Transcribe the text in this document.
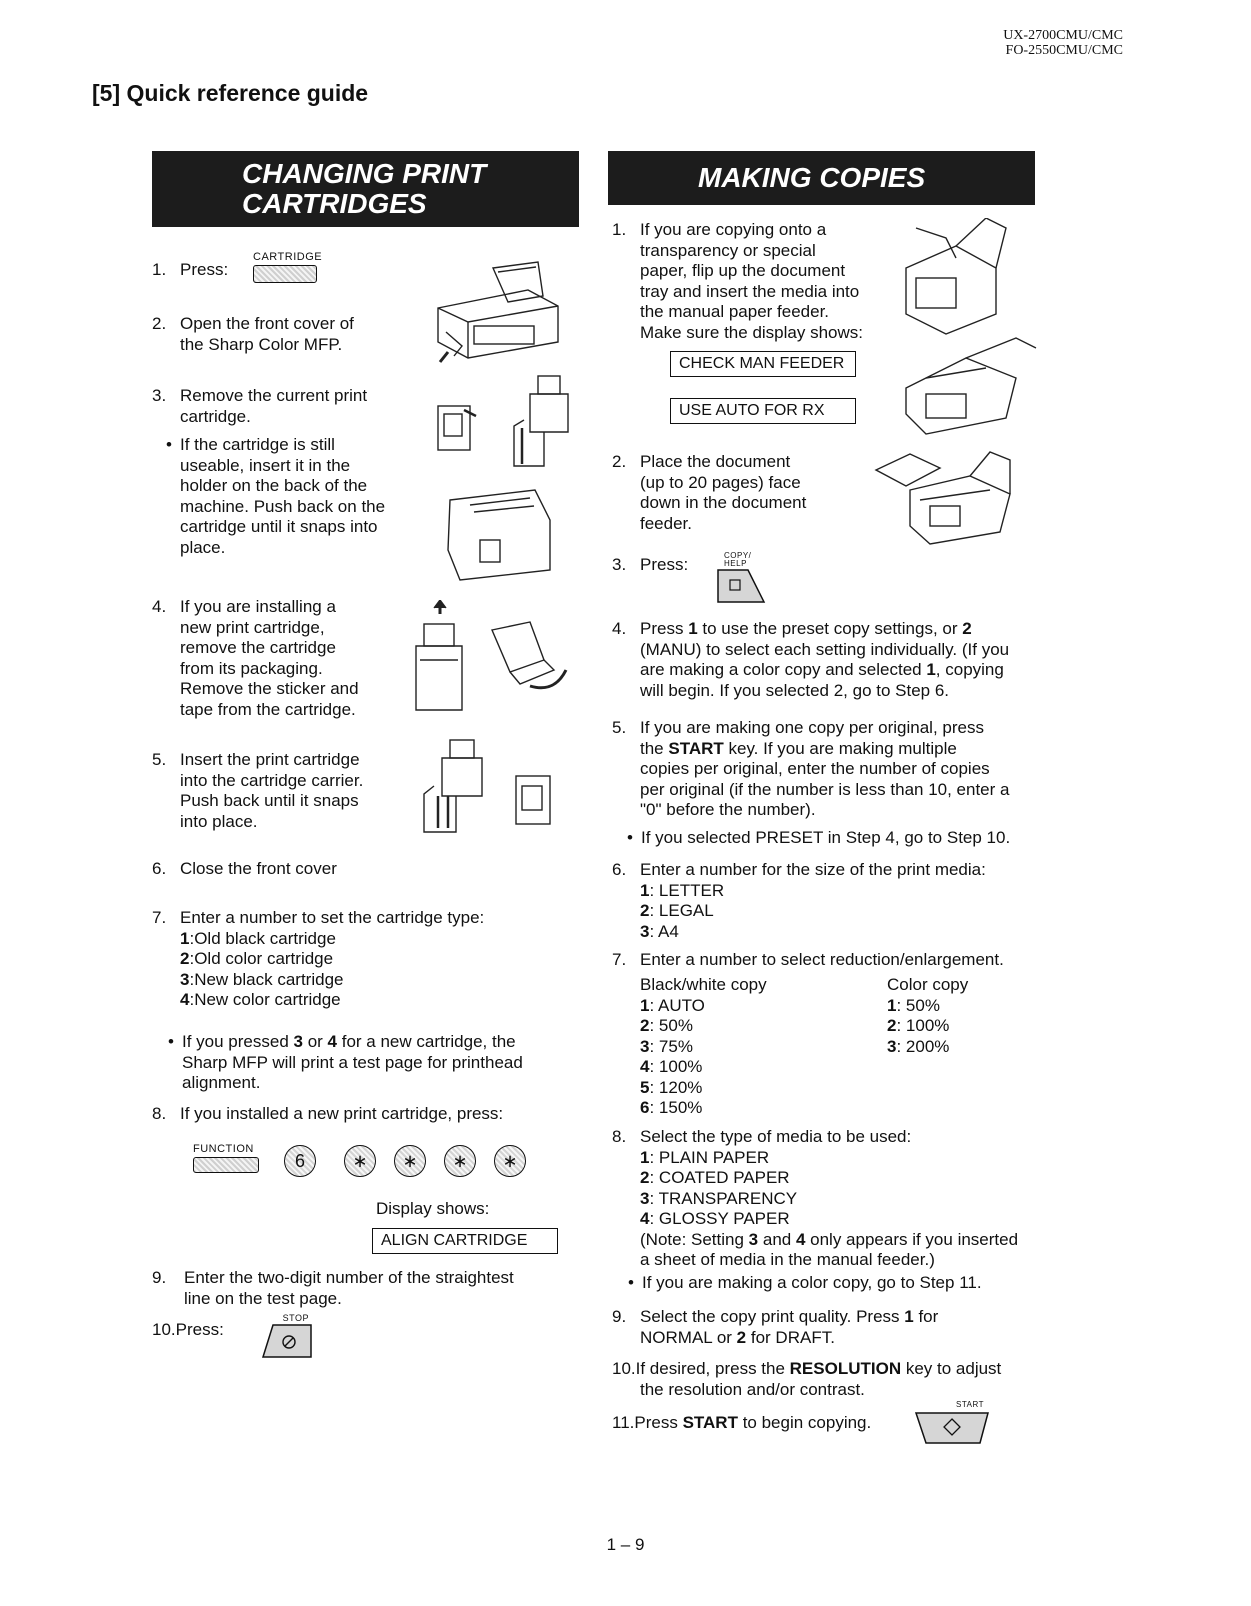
UX-2700CMU/CMC
FO-2550CMU/CMC
[5] Quick reference guide
CHANGING PRINT
CARTRIDGES
1. Press:
CARTRIDGE
2. Open the front cover of
the Sharp Color MFP.
3. Remove the current print
cartridge.
• If the cartridge is still
useable, insert it in the
holder on the back of the
machine. Push back on the
cartridge until it snaps into
place.
4. If you are installing a
new print cartridge,
remove the cartridge
from its packaging.
Remove the sticker and
tape from the cartridge.
5. Insert the print cartridge
into the cartridge carrier.
Push back until it snaps
into place.
6. Close the front cover
7. Enter a number to set the cartridge type:
1:Old black cartridge
2:Old color cartridge
3:New black cartridge
4:New color cartridge
• If you pressed 3 or 4 for a new cartridge, the
Sharp MFP will print a test page for printhead
alignment.
8. If you installed a new print cartridge, press:
FUNCTION
6	∗	∗	∗	∗
Display shows:
ALIGN CARTRIDGE
9. Enter the two-digit number of the straightest
line on the test page.
10.Press:
STOP
MAKING COPIES
1. If you are copying onto a
transparency or special
paper, flip up the document
tray and insert the media into
the manual paper feeder.
Make sure the display shows:
CHECK MAN FEEDER
USE AUTO FOR RX
2. Place the document
(up to 20 pages) face
down in the document
feeder.
3. Press:	COPY/ HELP
4. Press 1 to use the preset copy settings, or 2
(MANU) to select each setting individually. (If you
are making a color copy and selected 1, copying
will begin. If you selected 2, go to Step 6.
5. If you are making one copy per original, press
the START key. If you are making multiple
copies per original, enter the number of copies
per original (if the number is less than 10, enter a
"0" before the number).
• If you selected PRESET in Step 4, go to Step 10.
6. Enter a number for the size of the print media:
1: LETTER
2: LEGAL
3: A4
7. Enter a number to select reduction/enlargement.
Black/white copy
1: AUTO
2: 50%
3: 75%
4: 100%
5: 120%
6: 150%
Color copy
1: 50%
2: 100%
3: 200%
8. Select the type of media to be used:
1: PLAIN PAPER
2: COATED PAPER
3: TRANSPARENCY
4: GLOSSY PAPER
(Note: Setting 3 and 4 only appears if you inserted
a sheet of media in the manual feeder.)
• If you are making a color copy, go to Step 11.
9. Select the copy print quality. Press 1 for
NORMAL or 2 for DRAFT.
10.If desired, press the RESOLUTION key to adjust
the resolution and/or contrast.
11.Press START to begin copying.
START
1 – 9
